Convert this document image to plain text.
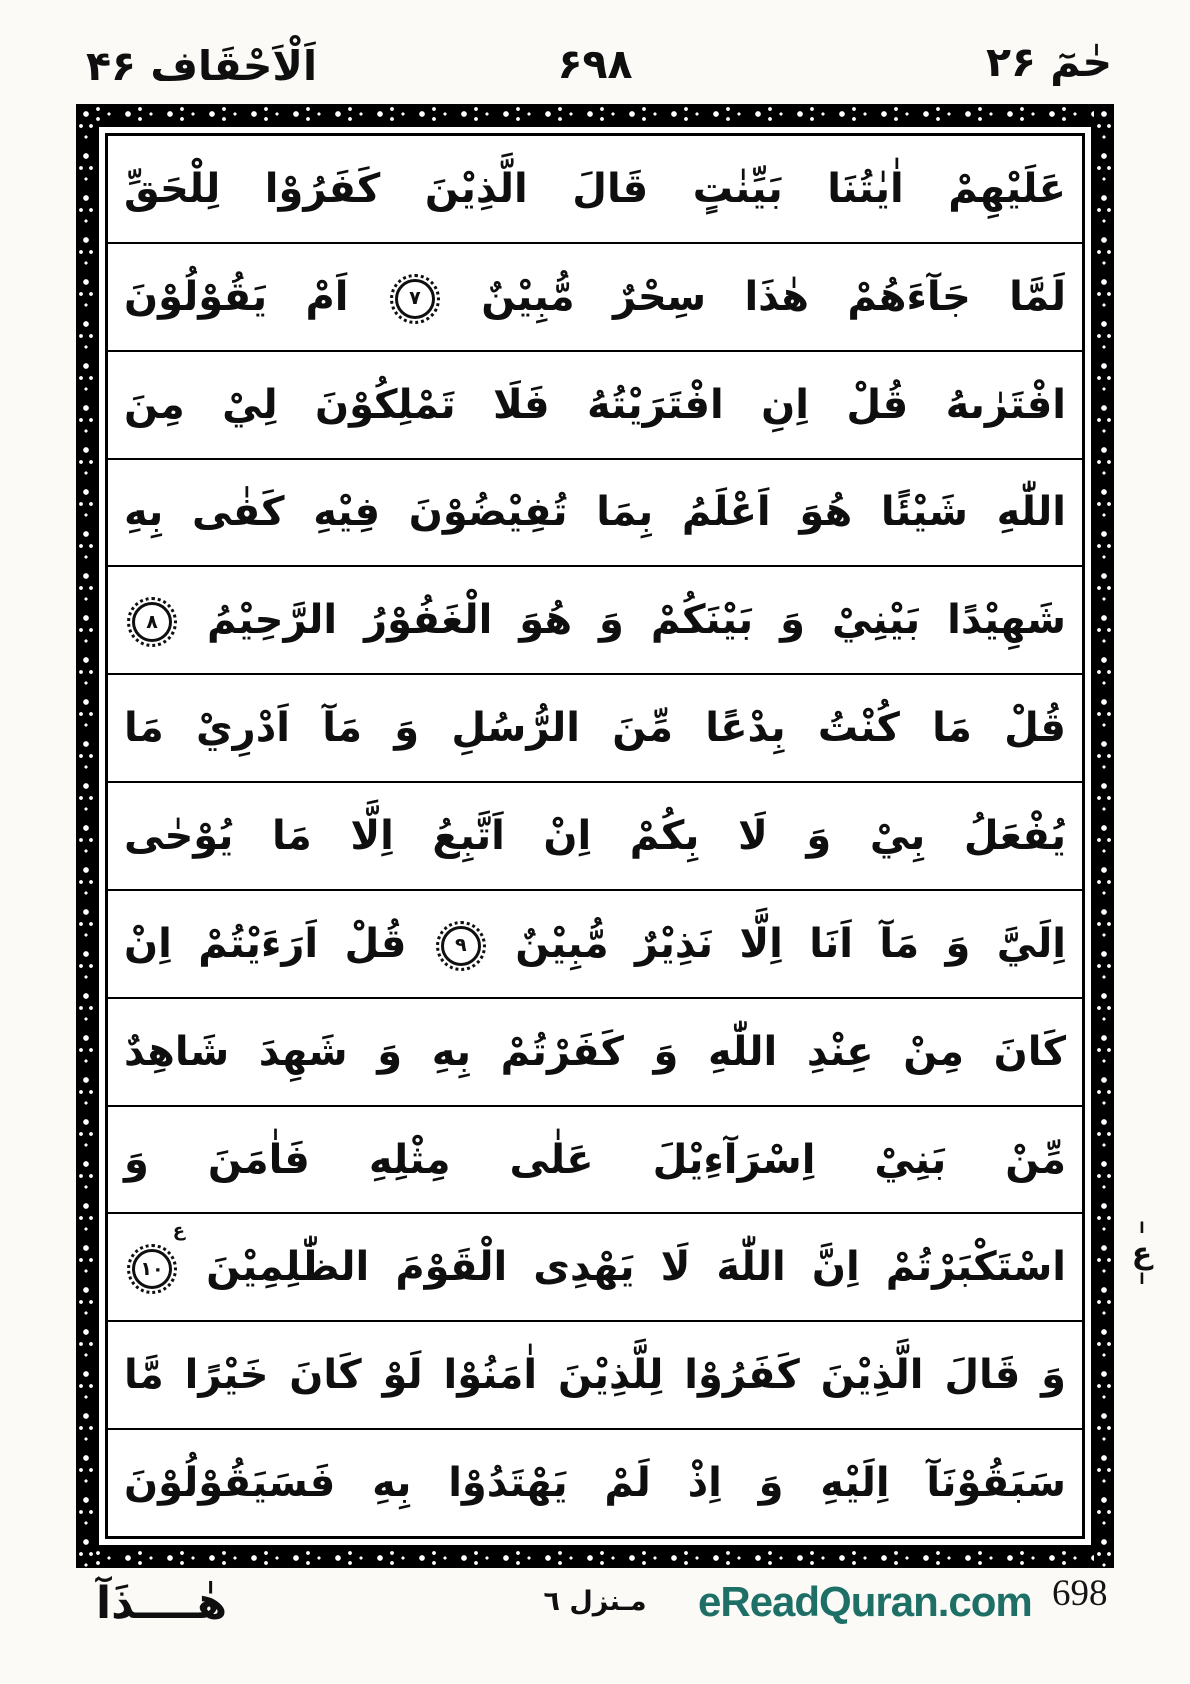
اَلْاَحْقَاف ۴۶	۶۹۸	حٰمٓ ۲۶
عَلَيْهِمْ اٰيٰتُنَا بَيِّنٰتٍ قَالَ الَّذِيْنَ كَفَرُوْا لِلْحَقِّ
لَمَّا جَآءَهُمْ هٰذَا سِحْرٌ مُّبِيْنٌ
۷
اَمْ يَقُوْلُوْنَ
افْتَرٰىهُ قُلْ اِنِ افْتَرَيْتُهُ فَلَا تَمْلِكُوْنَ لِيْ مِنَ
اللّٰهِ شَيْئًا هُوَ اَعْلَمُ بِمَا تُفِيْضُوْنَ فِيْهِ كَفٰى بِهِ
شَهِيْدًا بَيْنِيْ وَ بَيْنَكُمْ وَ هُوَ الْغَفُوْرُ الرَّحِيْمُ
۸
قُلْ مَا كُنْتُ بِدْعًا مِّنَ الرُّسُلِ وَ مَآ اَدْرِيْ مَا
يُفْعَلُ بِيْ وَ لَا بِكُمْ اِنْ اَتَّبِعُ اِلَّا مَا يُوْحٰى
اِلَيَّ وَ مَآ اَنَا اِلَّا نَذِيْرٌ مُّبِيْنٌ
۹
قُلْ اَرَءَيْتُمْ اِنْ
كَانَ مِنْ عِنْدِ اللّٰهِ وَ كَفَرْتُمْ بِهِ وَ شَهِدَ شَاهِدٌ
مِّنْ بَنِيْ اِسْرَآءِيْلَ عَلٰى مِثْلِهِ فَاٰمَنَ وَ
اسْتَكْبَرْتُمْ اِنَّ اللّٰهَ لَا يَهْدِى الْقَوْمَ الظّٰلِمِيْنَ
۱۰
ع
وَ قَالَ الَّذِيْنَ كَفَرُوْا لِلَّذِيْنَ اٰمَنُوْا لَوْ كَانَ خَيْرًا مَّا
سَبَقُوْنَآ اِلَيْهِ وَ اِذْ لَمْ يَهْتَدُوْا بِهِ فَسَيَقُوْلُوْنَ
ا
ع
ا
هٰــــذَآ	مـنزل ٦ eReadQuran.com 698
